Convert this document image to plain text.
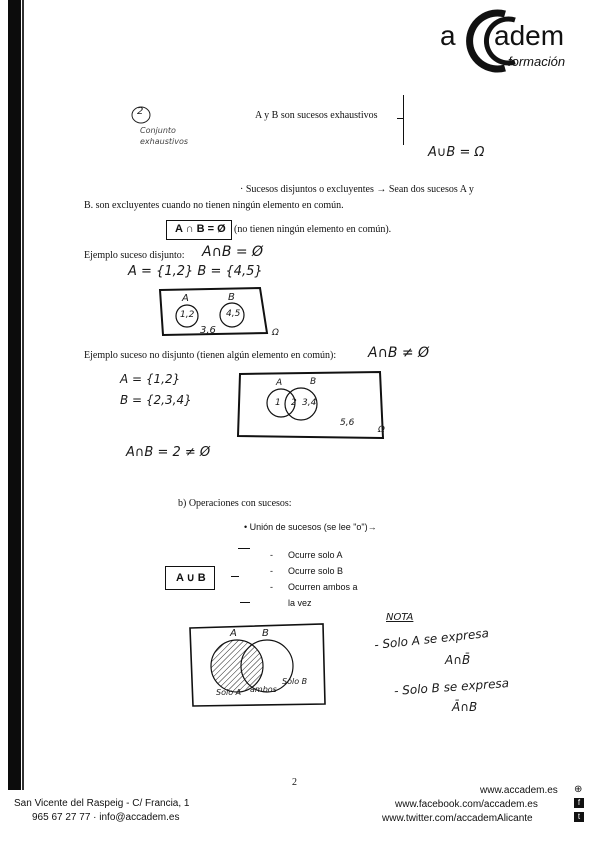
a adem
formación
2
Conjunto exhaustivos
A y B son sucesos exhaustivos
A∪B = Ω
· Sucesos disjuntos o excluyentes → Sean dos sucesos A y
B. son excluyentes cuando no tienen ningún elemento en común.
A ∩ B = Ø (no tienen ningún elemento en común).
Ejemplo suceso disjunto: A∩B = Ø
A = {1,2} B = {4,5}
A	B
1,2	4,5
3,6	Ω
Ejemplo suceso no disjunto (tienen algún elemento en común): A∩B ≠ Ø
A = {1,2}
B = {2,3,4}
A	B
1 2 3,4
5,6
Ω
A∩B = 2 ≠ Ø
b) Operaciones con sucesos:
• Unión de sucesos (se lee "o")→
A ∪ B
- Ocurre solo A
- Ocurre solo B
- Ocurren ambos a
la vez
A	B
Solo A ambos
Solo B
NOTA
- Solo A se expresa
A∩B̄
- Solo B se expresa
Ā∩B
2
San Vicente del Raspeig - C/ Francia, 1
965 67 27 77 · info@accadem.es
www.accadem.es
www.facebook.com/accadem.es
www.twitter.com/accademAlicante
⊕
f
t
